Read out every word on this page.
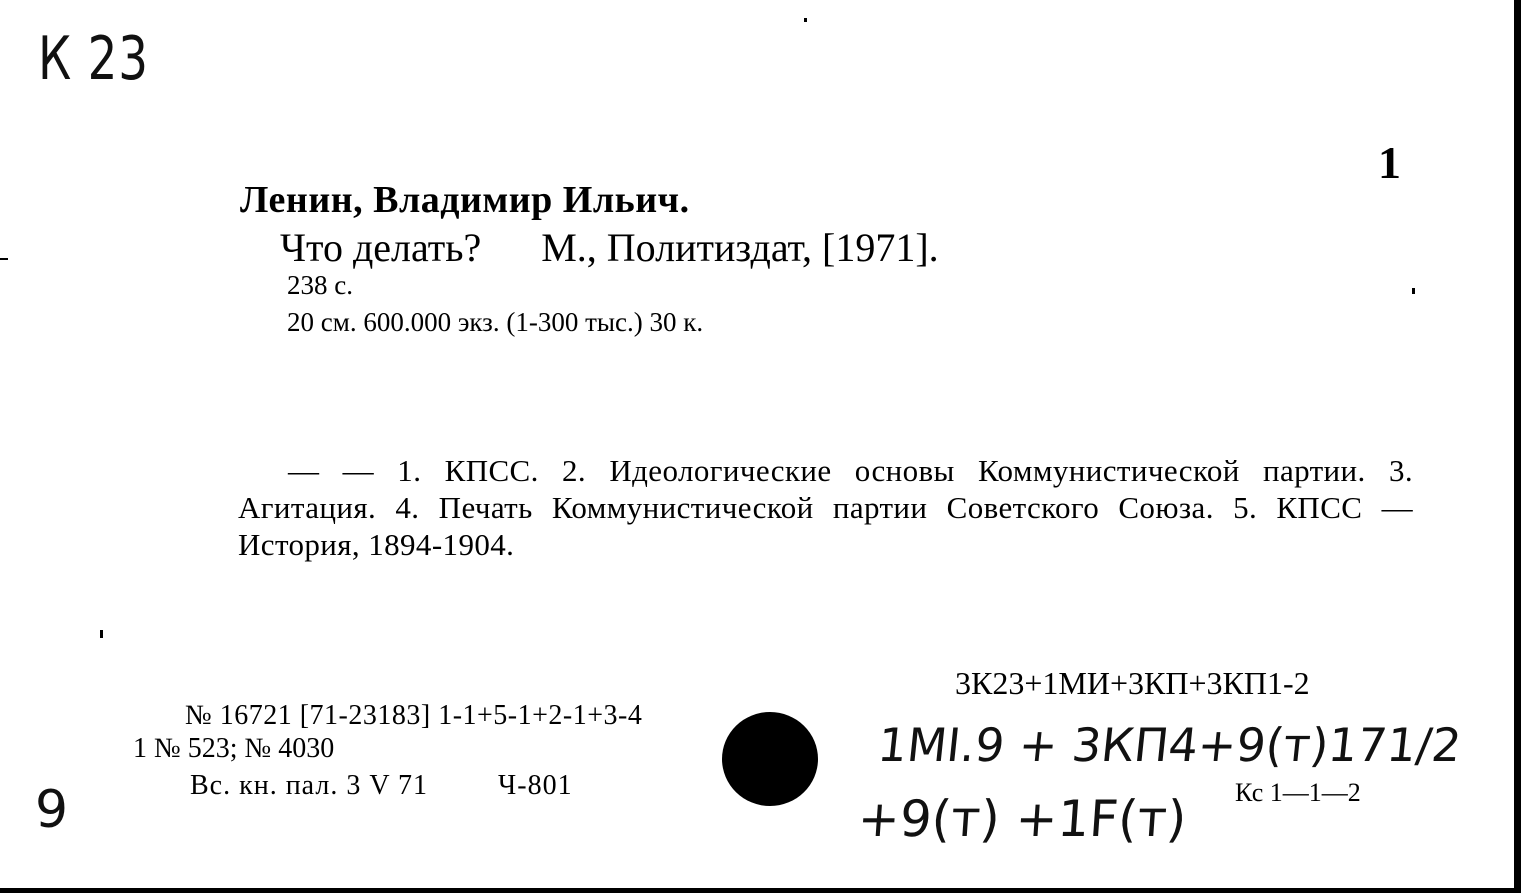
К 23
1
Ленин, Владимир Ильич.
Что делать? М., Политиздат, [1971].
238 с.
20 см. 600.000 экз. (1-300 тыс.) 30 к.
— — 1. КПСС. 2. Идеологические основы Коммунистической партии. 3. Агитация. 4. Печать Коммунистической партии Советского Союза. 5. КПСС — История, 1894-1904.
3К23+1МИ+3КП+3КП1-2
№ 16721 [71-23183] 1-1+5-1+2-1+3-4
1 № 523; № 4030
Вс. кн. пал. 3 V 71	Ч-801	Кс 1—1—2
1МІ.9 + 3КП4+9(т)171/2
+9(т) +1F(т)
9
